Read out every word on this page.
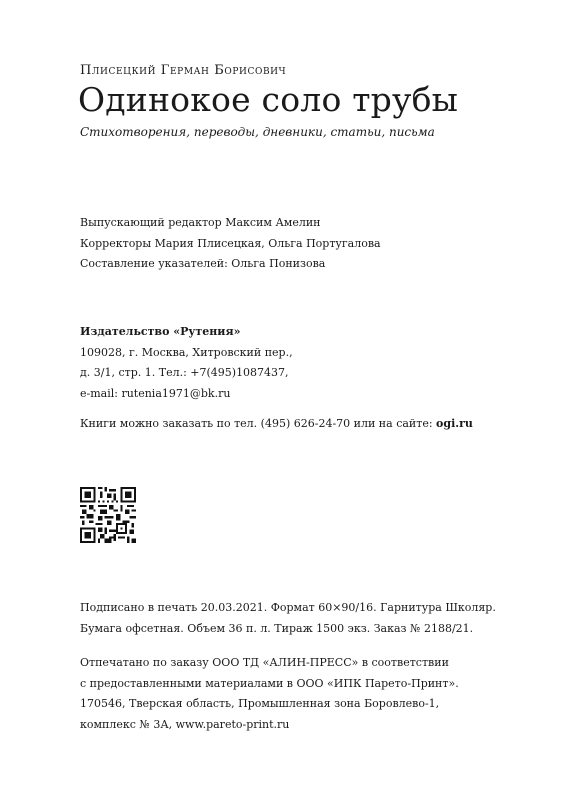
Плисецкий Герман Борисович
Одинокое соло трубы
Стихотворения, переводы, дневники, статьи, письма
Выпускающий редактор Максим Амелин
Корректоры Мария Плисецкая, Ольга Португалова
Составление указателей: Ольга Понизова
Издательство «Рутения»
109028, г. Москва, Хитровский пер.,
д. 3/1, стр. 1. Тел.: +7(495)1087437,
e-mail: rutenia1971@bk.ru
Книги можно заказать по тел. (495) 626-24-70 или на сайте: ogi.ru
Подписано в печать 20.03.2021. Формат 60×90/16. Гарнитура Школяр.
Бумага офсетная. Объем 36 п. л. Тираж 1500 экз. Заказ № 2188/21.
Отпечатано по заказу ООО ТД «АЛИН-ПРЕСС» в соответствии
с предоставленными материалами в ООО «ИПК Парето-Принт».
170546, Тверская область, Промышленная зона Боровлево-1,
комплекс № 3А, www.pareto-print.ru
